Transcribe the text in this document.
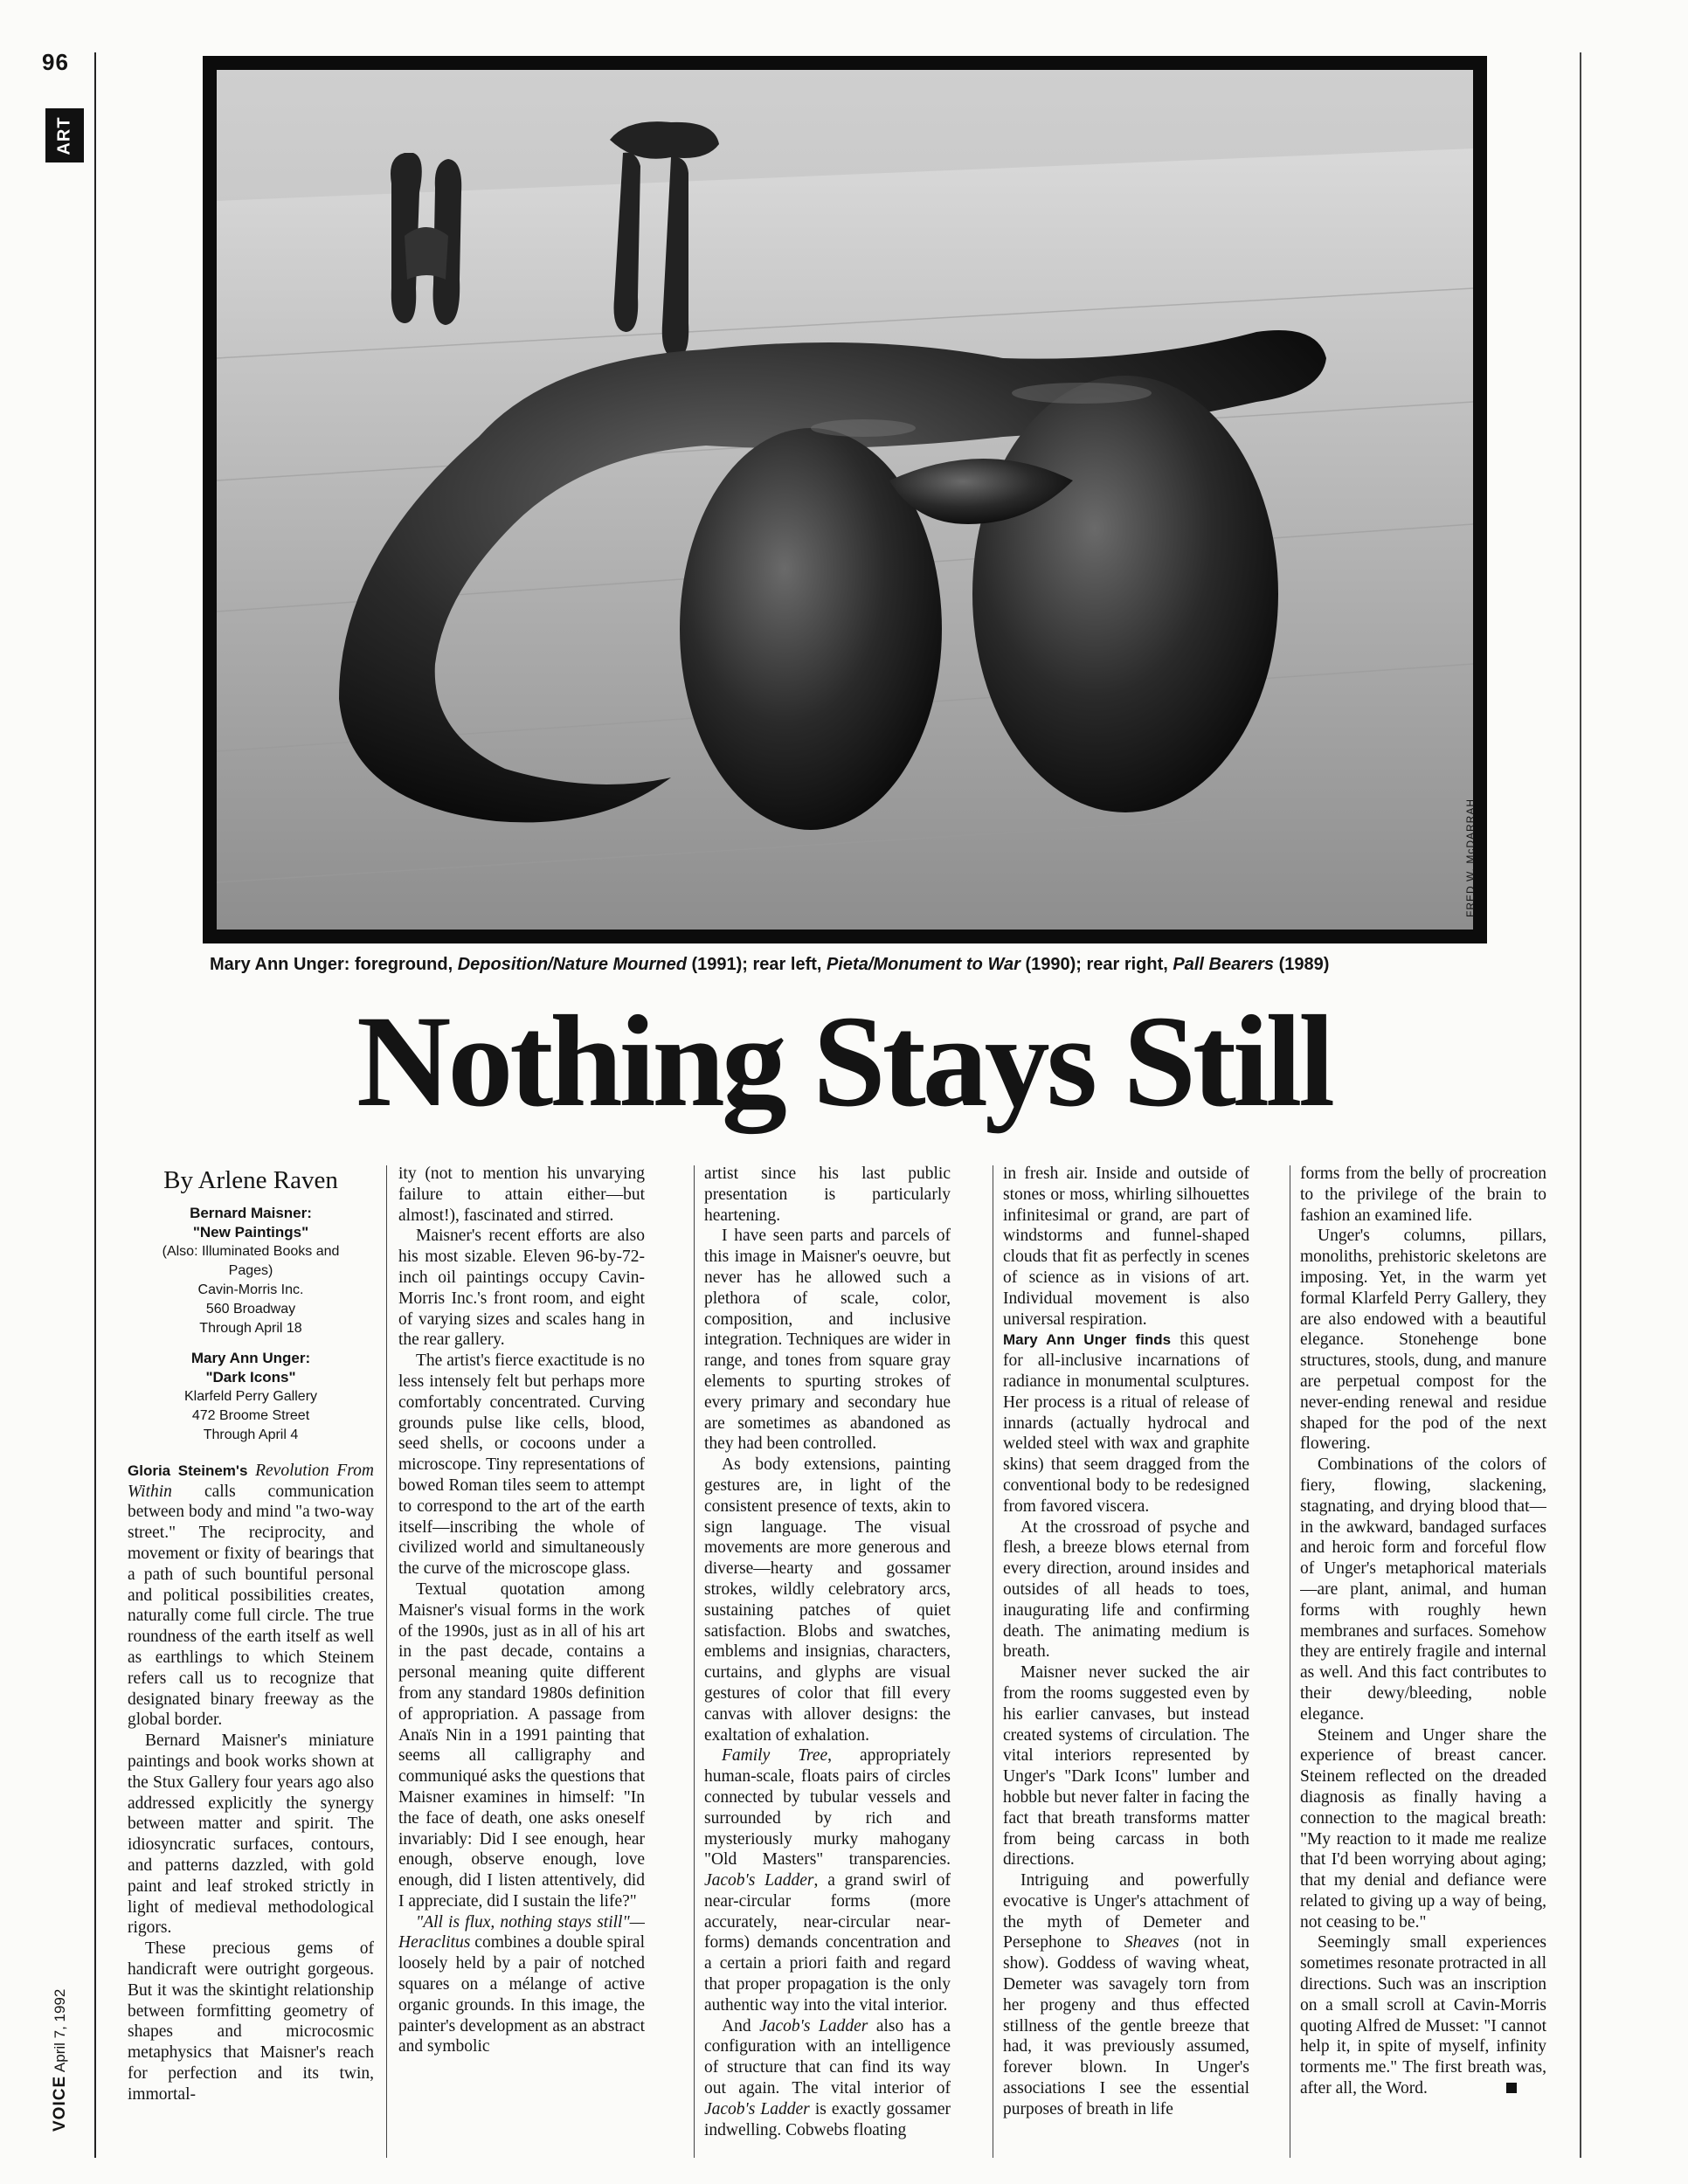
96
ART
VOICE April 7, 1992
FRED W. McDARRAH
Mary Ann Unger: foreground, Deposition/Nature Mourned (1991); rear left, Pieta/Monument to War (1990); rear right, Pall Bearers (1989)
Nothing Stays Still
By Arlene Raven
Bernard Maisner:
"New Paintings"
(Also: Illuminated Books and
Pages)
Cavin-Morris Inc.
560 Broadway
Through April 18
Mary Ann Unger:
"Dark Icons"
Klarfeld Perry Gallery
472 Broome Street
Through April 4

Gloria Steinem's Revolution From Within calls communication between body and mind "a two-way street." The reciprocity, and movement or fixity of bearings that a path of such bountiful personal and political possibilities creates, naturally come full circle. The true roundness of the earth itself as well as earthlings to which Steinem refers call us to recognize that designated binary freeway as the global border.

Bernard Maisner's miniature paintings and book works shown at the Stux Gallery four years ago also addressed explicitly the synergy between matter and spirit. The idiosyncratic surfaces, contours, and patterns dazzled, with gold paint and leaf stroked strictly in light of medieval methodological rigors.

These precious gems of handicraft were outright gorgeous. But it was the skintight relationship between formfitting geometry of shapes and microcosmic metaphysics that Maisner's reach for perfection and its twin, immortal-

ity (not to mention his unvarying failure to attain either—but almost!), fascinated and stirred.

Maisner's recent efforts are also his most sizable. Eleven 96-by-72-inch oil paintings occupy Cavin-Morris Inc.'s front room, and eight of varying sizes and scales hang in the rear gallery.

The artist's fierce exactitude is no less intensely felt but perhaps more comfortably concentrated. Curving grounds pulse like cells, blood, seed shells, or cocoons under a microscope. Tiny representations of bowed Roman tiles seem to attempt to correspond to the art of the earth itself—inscribing the whole of civilized world and simultaneously the curve of the microscope glass.

Textual quotation among Maisner's visual forms in the work of the 1990s, just as in all of his art in the past decade, contains a personal meaning quite different from any standard 1980s definition of appropriation. A passage from Anaïs Nin in a 1991 painting that seems all calligraphy and communiqué asks the questions that Maisner examines in himself: "In the face of death, one asks oneself invariably: Did I see enough, hear enough, observe enough, love enough, did I listen attentively, did I appreciate, did I sustain the life?"

"All is flux, nothing stays still"—Heraclitus combines a double spiral loosely held by a pair of notched squares on a mélange of active organic grounds. In this image, the painter's development as an abstract and symbolic

artist since his last public presentation is particularly heartening.

I have seen parts and parcels of this image in Maisner's oeuvre, but never has he allowed such a plethora of scale, color, composition, and inclusive integration. Techniques are wider in range, and tones from square gray elements to spurting strokes of every primary and secondary hue are sometimes as abandoned as they had been controlled.

As body extensions, painting gestures are, in light of the consistent presence of texts, akin to sign language. The visual movements are more generous and diverse—hearty and gossamer strokes, wildly celebratory arcs, sustaining patches of quiet satisfaction. Blobs and swatches, emblems and insignias, characters, curtains, and glyphs are visual gestures of color that fill every canvas with allover designs: the exaltation of exhalation.

Family Tree, appropriately human-scale, floats pairs of circles connected by tubular vessels and surrounded by rich and mysteriously murky mahogany "Old Masters" transparencies. Jacob's Ladder, a grand swirl of near-circular forms (more accurately, near-circular near-forms) demands concentration and a certain a priori faith and regard that proper propagation is the only authentic way into the vital interior.

And Jacob's Ladder also has a configuration with an intelligence of structure that can find its way out again. The vital interior of Jacob's Ladder is exactly gossamer indwelling. Cobwebs floating

in fresh air. Inside and outside of stones or moss, whirling silhouettes infinitesimal or grand, are part of windstorms and funnel-shaped clouds that fit as perfectly in scenes of science as in visions of art. Individual movement is also universal respiration.

Mary Ann Unger finds this quest for all-inclusive incarnations of radiance in monumental sculptures. Her process is a ritual of release of innards (actually hydrocal and welded steel with wax and graphite skins) that seem dragged from the conventional body to be redesigned from favored viscera.

At the crossroad of psyche and flesh, a breeze blows eternal from every direction, around insides and outsides of all heads to toes, inaugurating life and confirming death. The animating medium is breath.

Maisner never sucked the air from the rooms suggested even by his earlier canvases, but instead created systems of circulation. The vital interiors represented by Unger's "Dark Icons" lumber and hobble but never falter in facing the fact that breath transforms matter from being carcass in both directions.

Intriguing and powerfully evocative is Unger's attachment of the myth of Demeter and Persephone to Sheaves (not in show). Goddess of waving wheat, Demeter was savagely torn from her progeny and thus effected stillness of the gentle breeze that had, it was previously assumed, forever blown. In Unger's associations I see the essential purposes of breath in life

forms from the belly of procreation to the privilege of the brain to fashion an examined life.

Unger's columns, pillars, monoliths, prehistoric skeletons are imposing. Yet, in the warm yet formal Klarfeld Perry Gallery, they are also endowed with a beautiful elegance. Stonehenge bone structures, stools, dung, and manure are perpetual compost for the never-ending renewal and residue shaped for the pod of the next flowering.

Combinations of the colors of fiery, flowing, slackening, stagnating, and drying blood that—in the awkward, bandaged surfaces and heroic form and forceful flow of Unger's metaphorical materials—are plant, animal, and human forms with roughly hewn membranes and surfaces. Somehow they are entirely fragile and internal as well. And this fact contributes to their dewy/bleeding, noble elegance.

Steinem and Unger share the experience of breast cancer. Steinem reflected on the dreaded diagnosis as finally having a connection to the magical breath: "My reaction to it made me realize that I'd been worrying about aging; that my denial and defiance were related to giving up a way of being, not ceasing to be."

Seemingly small experiences sometimes resonate protracted in all directions. Such was an inscription on a small scroll at Cavin-Morris quoting Alfred de Musset: "I cannot help it, in spite of myself, infinity torments me." The first breath was, after all, the Word.
